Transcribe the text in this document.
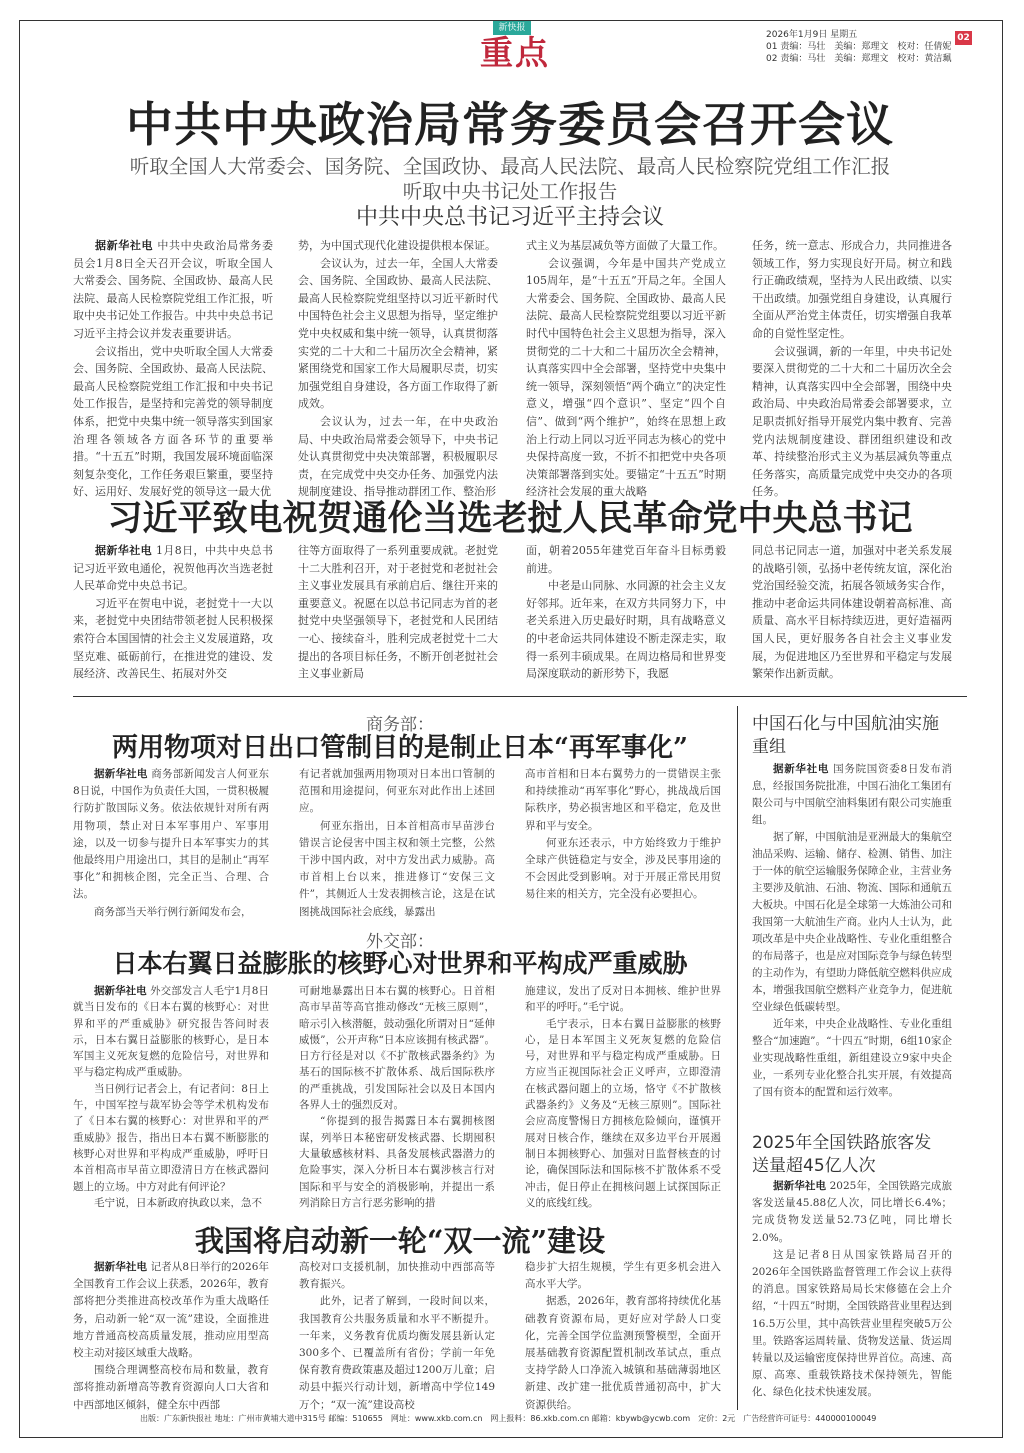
新快报
重点	2026年1月9日 星期五
01 责编：马壮　美编：郑理文　校对：任倩妮
02 责编：马壮　美编：郑理文　校对：黄洁珮
02
中共中央政治局常务委员会召开会议
听取全国人大常委会、国务院、全国政协、最高人民法院、最高人民检察院党组工作汇报
听取中央书记处工作报告
中共中央总书记习近平主持会议

据新华社电 中共中央政治局常务委员会1月8日全天召开会议，听取全国人大常委会、国务院、全国政协、最高人民法院、最高人民检察院党组工作汇报，听取中央书记处工作报告。中共中央总书记习近平主持会议并发表重要讲话。

会议指出，党中央听取全国人大常委会、国务院、全国政协、最高人民法院、最高人民检察院党组工作汇报和中央书记处工作报告，是坚持和完善党的领导制度体系，把党中央集中统一领导落实到国家治理各领域各方面各环节的重要举措。“十五五”时期，我国发展环境面临深刻复杂变化，工作任务艰巨繁重，要坚持好、运用好、发展好党的领导这一最大优

势，为中国式现代化建设提供根本保证。

会议认为，过去一年，全国人大常委会、国务院、全国政协、最高人民法院、最高人民检察院党组坚持以习近平新时代中国特色社会主义思想为指导，坚定维护党中央权威和集中统一领导，认真贯彻落实党的二十大和二十届历次全会精神，紧紧围绕党和国家工作大局履职尽责，切实加强党组自身建设，各方面工作取得了新成效。

会议认为，过去一年，在中央政治局、中央政治局常委会领导下，中央书记处认真贯彻党中央决策部署，积极履职尽责，在完成党中央交办任务、加强党内法规制度建设、指导推动群团工作、整治形

式主义为基层减负等方面做了大量工作。

会议强调，今年是中国共产党成立105周年，是“十五五”开局之年。全国人大常委会、国务院、全国政协、最高人民法院、最高人民检察院党组要以习近平新时代中国特色社会主义思想为指导，深入贯彻党的二十大和二十届历次全会精神，认真落实四中全会部署，坚持党中央集中统一领导，深刻领悟“两个确立”的决定性意义，增强“四个意识”、坚定“四个自信”、做到“两个维护”，始终在思想上政治上行动上同以习近平同志为核心的党中央保持高度一致，不折不扣把党中央各项决策部署落到实处。要锚定“十五五”时期经济社会发展的重大战略

任务，统一意志、形成合力，共同推进各领域工作，努力实现良好开局。树立和践行正确政绩观，坚持为人民出政绩、以实干出政绩。加强党组自身建设，认真履行全面从严治党主体责任，切实增强自我革命的自觉性坚定性。

会议强调，新的一年里，中央书记处要深入贯彻党的二十大和二十届历次全会精神，认真落实四中全会部署，围绕中央政治局、中央政治局常委会部署要求，立足职责抓好指导开展党内集中教育、完善党内法规制度建设、群团组织建设和改革、持续整治形式主义为基层减负等重点任务落实，高质量完成党中央交办的各项任务。

习近平致电祝贺通伦当选老挝人民革命党中央总书记

据新华社电 1月8日，中共中央总书记习近平致电通伦，祝贺他再次当选老挝人民革命党中央总书记。

习近平在贺电中说，老挝党十一大以来，老挝党中央团结带领老挝人民积极探索符合本国国情的社会主义发展道路，攻坚克难、砥砺前行，在推进党的建设、发展经济、改善民生、拓展对外交

往等方面取得了一系列重要成就。老挝党十二大胜利召开，对于老挝党和老挝社会主义事业发展具有承前启后、继往开来的重要意义。祝愿在以总书记同志为首的老挝党中央坚强领导下，老挝党和人民团结一心、接续奋斗，胜利完成老挝党十二大提出的各项目标任务，不断开创老挝社会主义事业新局

面，朝着2055年建党百年奋斗目标勇毅前进。

中老是山同脉、水同源的社会主义友好邻邦。近年来，在双方共同努力下，中老关系进入历史最好时期，具有战略意义的中老命运共同体建设不断走深走实，取得一系列丰硕成果。在周边格局和世界变局深度联动的新形势下，我愿

同总书记同志一道，加强对中老关系发展的战略引领，弘扬中老传统友谊，深化治党治国经验交流，拓展各领域务实合作，推动中老命运共同体建设朝着高标准、高质量、高水平目标持续迈进，更好造福两国人民，更好服务各自社会主义事业发展，为促进地区乃至世界和平稳定与发展繁荣作出新贡献。

商务部：
两用物项对日出口管制目的是制止日本“再军事化”

据新华社电 商务部新闻发言人何亚东8日说，中国作为负责任大国，一贯积极履行防扩散国际义务。依法依规针对所有两用物项，禁止对日本军事用户、军事用途，以及一切参与提升日本军事实力的其他最终用户用途出口，其目的是制止“再军事化”和拥核企图，完全正当、合理、合法。

商务部当天举行例行新闻发布会，

有记者就加强两用物项对日本出口管制的范围和用途提问，何亚东对此作出上述回应。

何亚东指出，日本首相高市早苗涉台错误言论侵害中国主权和领土完整，公然干涉中国内政，对中方发出武力威胁。高市首相上台以来，推进修订“安保三文件”，其侧近人士发表拥核言论，这是在试图挑战国际社会底线，暴露出

高市首相和日本右翼势力的一贯错误主张和持续推动“再军事化”野心，挑战战后国际秩序，势必损害地区和平稳定，危及世界和平与安全。

何亚东还表示，中方始终致力于维护全球产供链稳定与安全，涉及民事用途的不会因此受到影响。对于开展正常民用贸易往来的相关方，完全没有必要担心。

外交部：
日本右翼日益膨胀的核野心对世界和平构成严重威胁

据新华社电 外交部发言人毛宁1月8日就当日发布的《日本右翼的核野心：对世界和平的严重威胁》研究报告答问时表示，日本右翼日益膨胀的核野心，是日本军国主义死灰复燃的危险信号，对世界和平与稳定构成严重威胁。

当日例行记者会上，有记者问：8日上午，中国军控与裁军协会等学术机构发布了《日本右翼的核野心：对世界和平的严重威胁》报告，指出日本右翼不断膨胀的核野心对世界和平构成严重威胁，呼吁日本首相高市早苗立即澄清日方在核武器问题上的立场。中方对此有何评论？

毛宁说，日本新政府执政以来，急不

可耐地暴露出日本右翼的核野心。日首相高市早苗等高官推动修改“无核三原则”，暗示引入核潜艇，鼓动强化所谓对日“延伸威慑”，公开声称“日本应该拥有核武器”。日方行径是对以《不扩散核武器条约》为基石的国际核不扩散体系、战后国际秩序的严重挑战，引发国际社会以及日本国内各界人士的强烈反对。

“你提到的报告揭露日本右翼拥核图谋，列举日本秘密研发核武器、长期囤积大量敏感核材料、具备发展核武器潜力的危险事实，深入分析日本右翼涉核言行对国际和平与安全的消极影响，并提出一系列消除日方言行恶劣影响的措

施建议，发出了反对日本拥核、维护世界和平的呼吁。”毛宁说。

毛宁表示，日本右翼日益膨胀的核野心，是日本军国主义死灰复燃的危险信号，对世界和平与稳定构成严重威胁。日方应当正视国际社会正义呼声，立即澄清在核武器问题上的立场，恪守《不扩散核武器条约》义务及“无核三原则”。国际社会应高度警惕日方拥核危险倾向，谨慎开展对日核合作，继续在双多边平台开展遏制日本拥核野心、加强对日监督核查的讨论，确保国际法和国际核不扩散体系不受冲击，促日停止在拥核问题上试探国际正义的底线红线。

我国将启动新一轮“双一流”建设

据新华社电 记者从8日举行的2026年全国教育工作会议上获悉，2026年，教育部将把分类推进高校改革作为重大战略任务，启动新一轮“双一流”建设，全面推进地方普通高校高质量发展，推动应用型高校主动对接区域重大战略。

围绕合理调整高校布局和数量，教育部将推动新增高等教育资源向人口大省和中西部地区倾斜，健全东中西部

高校对口支援机制，加快推动中西部高等教育振兴。

此外，记者了解到，一段时间以来，我国教育公共服务质量和水平不断提升。一年来，义务教育优质均衡发展县新认定300多个、已覆盖所有省份；学前一年免保育教育费政策惠及超过1200万儿童；启动县中振兴行动计划，新增高中学位149万个；“双一流”建设高校

稳步扩大招生规模，学生有更多机会进入高水平大学。

据悉，2026年，教育部将持续优化基础教育资源布局，更好应对学龄人口变化，完善全国学位监测预警模型，全面开展基础教育资源配置机制改革试点，重点支持学龄人口净流入城镇和基础薄弱地区新建、改扩建一批优质普通初高中，扩大资源供给。

中国石化与中国航油实施重组

据新华社电 国务院国资委8日发布消息，经报国务院批准，中国石油化工集团有限公司与中国航空油料集团有限公司实施重组。

据了解，中国航油是亚洲最大的集航空油品采购、运输、储存、检测、销售、加注于一体的航空运输服务保障企业，主营业务主要涉及航油、石油、物流、国际和通航五大板块。中国石化是全球第一大炼油公司和我国第一大航油生产商。业内人士认为，此项改革是中央企业战略性、专业化重组整合的布局落子，也是应对国际竞争与绿色转型的主动作为，有望助力降低航空燃料供应成本，增强我国航空燃料产业竞争力，促进航空业绿色低碳转型。

近年来，中央企业战略性、专业化重组整合“加速跑”。“十四五”时期，6组10家企业实现战略性重组，新组建设立9家中央企业，一系列专业化整合扎实开展，有效提高了国有资本的配置和运行效率。

2025年全国铁路旅客发送量超45亿人次

据新华社电 2025年，全国铁路完成旅客发送量45.88亿人次，同比增长6.4%；完成货物发送量52.73亿吨，同比增长2.0%。

这是记者8日从国家铁路局召开的2026年全国铁路监督管理工作会议上获得的消息。国家铁路局局长宋修德在会上介绍，“十四五”时期，全国铁路营业里程达到16.5万公里，其中高铁营业里程突破5万公里。铁路客运周转量、货物发送量、货运周转量以及运输密度保持世界首位。高速、高原、高寒、重载铁路技术保持领先，智能化、绿色化技术快速发展。

出版：广东新快报社 地址：广州市黄埔大道中315号 邮编：510655　网址：www.xkb.com.cn　网上报料：86.xkb.com.cn 邮箱：kbywb@ycwb.com　定价：2元　广告经营许可证号：440000100049
